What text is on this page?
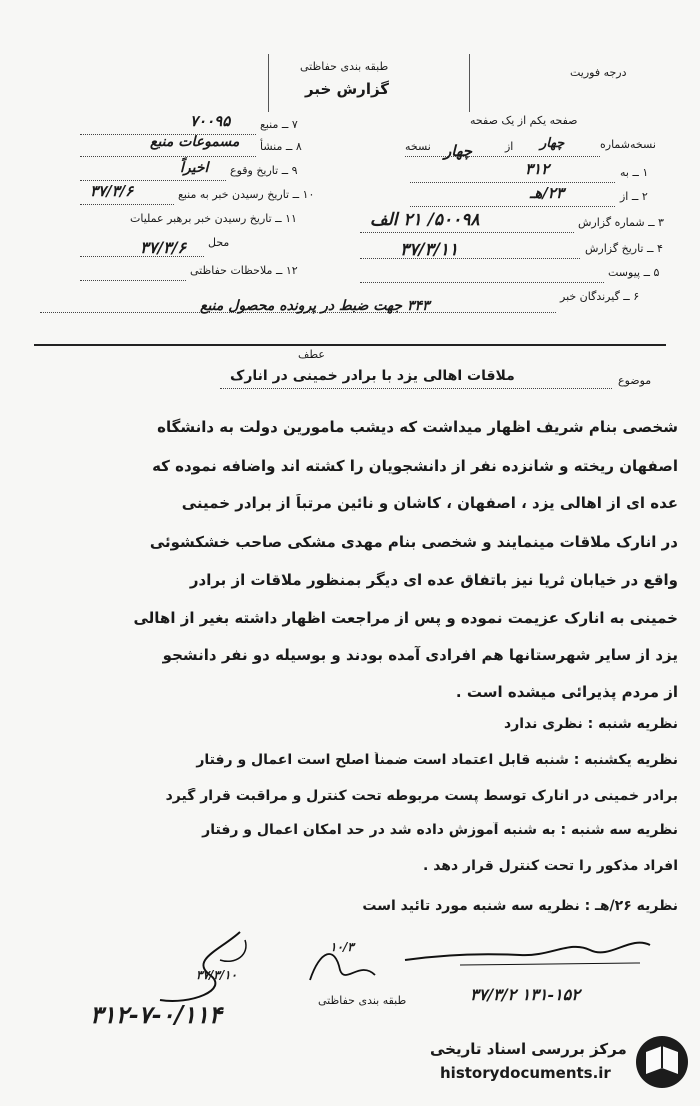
طبقه بندی حفاظتی
گزارش خبر
درجه فوریت
۷ ــ منبع
۷۰۰۹۵
۸ ــ منشأ
مسموعات منبع
۹ ــ تاریخ وقوع
اخیراً
۱۰ ــ تاریخ رسیدن خبر به منبع
۳۷/۳/۶
۱۱ ــ تاریخ رسیدن خبر برهبر عملیات
محل
۳۷/۳/۶
۱۲ ــ ملاحظات حفاظتی
صفحه یکم از یک صفحه
نسخه‌شماره
چهار
از
چهار
نسخه
۱ ــ به
۳۱۲
۲ ــ از
۲۳/هـ
۳ ــ شماره گزارش
۵۰۰۹۸/ ۲۱ الف
۴ ــ تاریخ گزارش
۳۷/۳/۱۱
۵ ــ پیوست
۶ ــ گیرندگان خبر
۳۴۳ جهت ضبط در پرونده محصول منبع
عطف
موضوع
ملاقات اهالی یزد با برادر خمینی در انارک
شخصی بنام شریف اظهار میداشت که دیشب مامورین دولت به دانشگاه
اصفهان ریخته و شانزده نفر از دانشجویان را کشته اند واضافه نموده که
عده ای از اهالی یزد ، اصفهان ، کاشان و نائین مرتباً از برادر خمینی
در انارک ملاقات مینمایند و شخصی بنام مهدی مشکی صاحب خشکشوئی
واقع در خیابان ثریا نیز باتفاق عده ای دیگر بمنظور ملاقات از برادر
خمینی به انارک عزیمت نموده و پس از مراجعت اظهار داشته بغیر از اهالی
یزد از سایر شهرستانها هم افرادی آمده بودند و بوسیله دو نفر دانشجو
از مردم پذیرائی میشده است .
نظریه شنبه : نظری ندارد
نظریه یکشنبه : شنبه قابل اعتماد است ضمناً اصلح است اعمال و رفتار
برادر خمینی در انارک توسط پست مربوطه تحت کنترل و مراقبت قرار گیرد
نظریه سه شنبه : به شنبه آموزش داده شد در حد امکان اعمال و رفتار
افراد مذکور را تحت کنترل قرار دهد .
نظریه ۲۶/هـ : نظریه سه شنبه مورد تائید است
۳۷/۳/۱۰
۱۰/۳
طبقه بندی حفاظتی	۱۳۱-۱۵۲ ۳۷/۳/۲
۳۱۲-۷-۰/۱۱۴
مرکز بررسی اسناد تاریخی
historydocuments.ir
